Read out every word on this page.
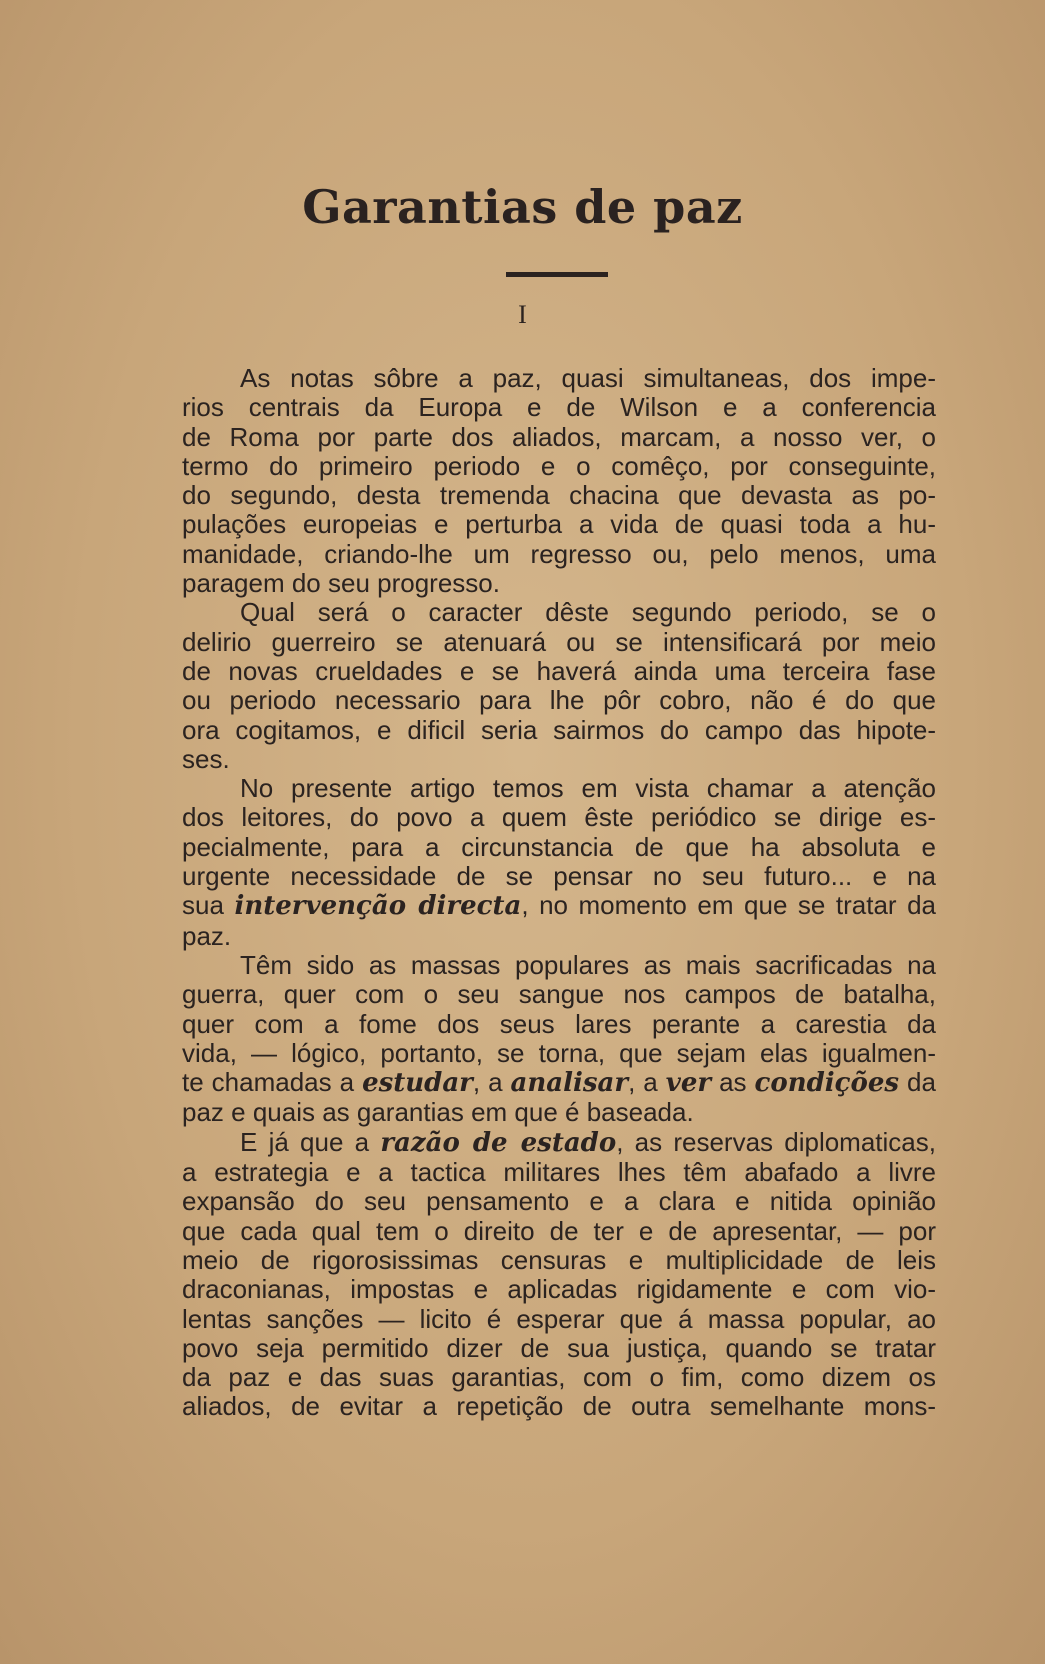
Garantias de paz
I
As notas sôbre a paz, quasi simultaneas, dos impe-
rios centrais da Europa e de Wilson e a conferencia
de Roma por parte dos aliados, marcam, a nosso ver, o
termo do primeiro periodo e o comêço, por conseguinte,
do segundo, desta tremenda chacina que devasta as po-
pulações europeias e perturba a vida de quasi toda a hu-
manidade, criando-lhe um regresso ou, pelo menos, uma
paragem do seu progresso.
Qual será o caracter dêste segundo periodo, se o
delirio guerreiro se atenuará ou se intensificará por meio
de novas crueldades e se haverá ainda uma terceira fase
ou periodo necessario para lhe pôr cobro, não é do que
ora cogitamos, e dificil seria sairmos do campo das hipote-
ses.
No presente artigo temos em vista chamar a atenção
dos leitores, do povo a quem êste periódico se dirige es-
pecialmente, para a circunstancia de que ha absoluta e
urgente necessidade de se pensar no seu futuro... e na
sua intervenção directa, no momento em que se tratar da
paz.
Têm sido as massas populares as mais sacrificadas na
guerra, quer com o seu sangue nos campos de batalha,
quer com a fome dos seus lares perante a carestia da
vida, — lógico, portanto, se torna, que sejam elas igualmen-
te chamadas a estudar, a analisar, a ver as condições da
paz e quais as garantias em que é baseada.
E já que a razão de estado, as reservas diplomaticas,
a estrategia e a tactica militares lhes têm abafado a livre
expansão do seu pensamento e a clara e nitida opinião
que cada qual tem o direito de ter e de apresentar, — por
meio de rigorosissimas censuras e multiplicidade de leis
draconianas, impostas e aplicadas rigidamente e com vio-
lentas sanções — licito é esperar que á massa popular, ao
povo seja permitido dizer de sua justiça, quando se tratar
da paz e das suas garantias, com o fim, como dizem os
aliados, de evitar a repetição de outra semelhante mons-
